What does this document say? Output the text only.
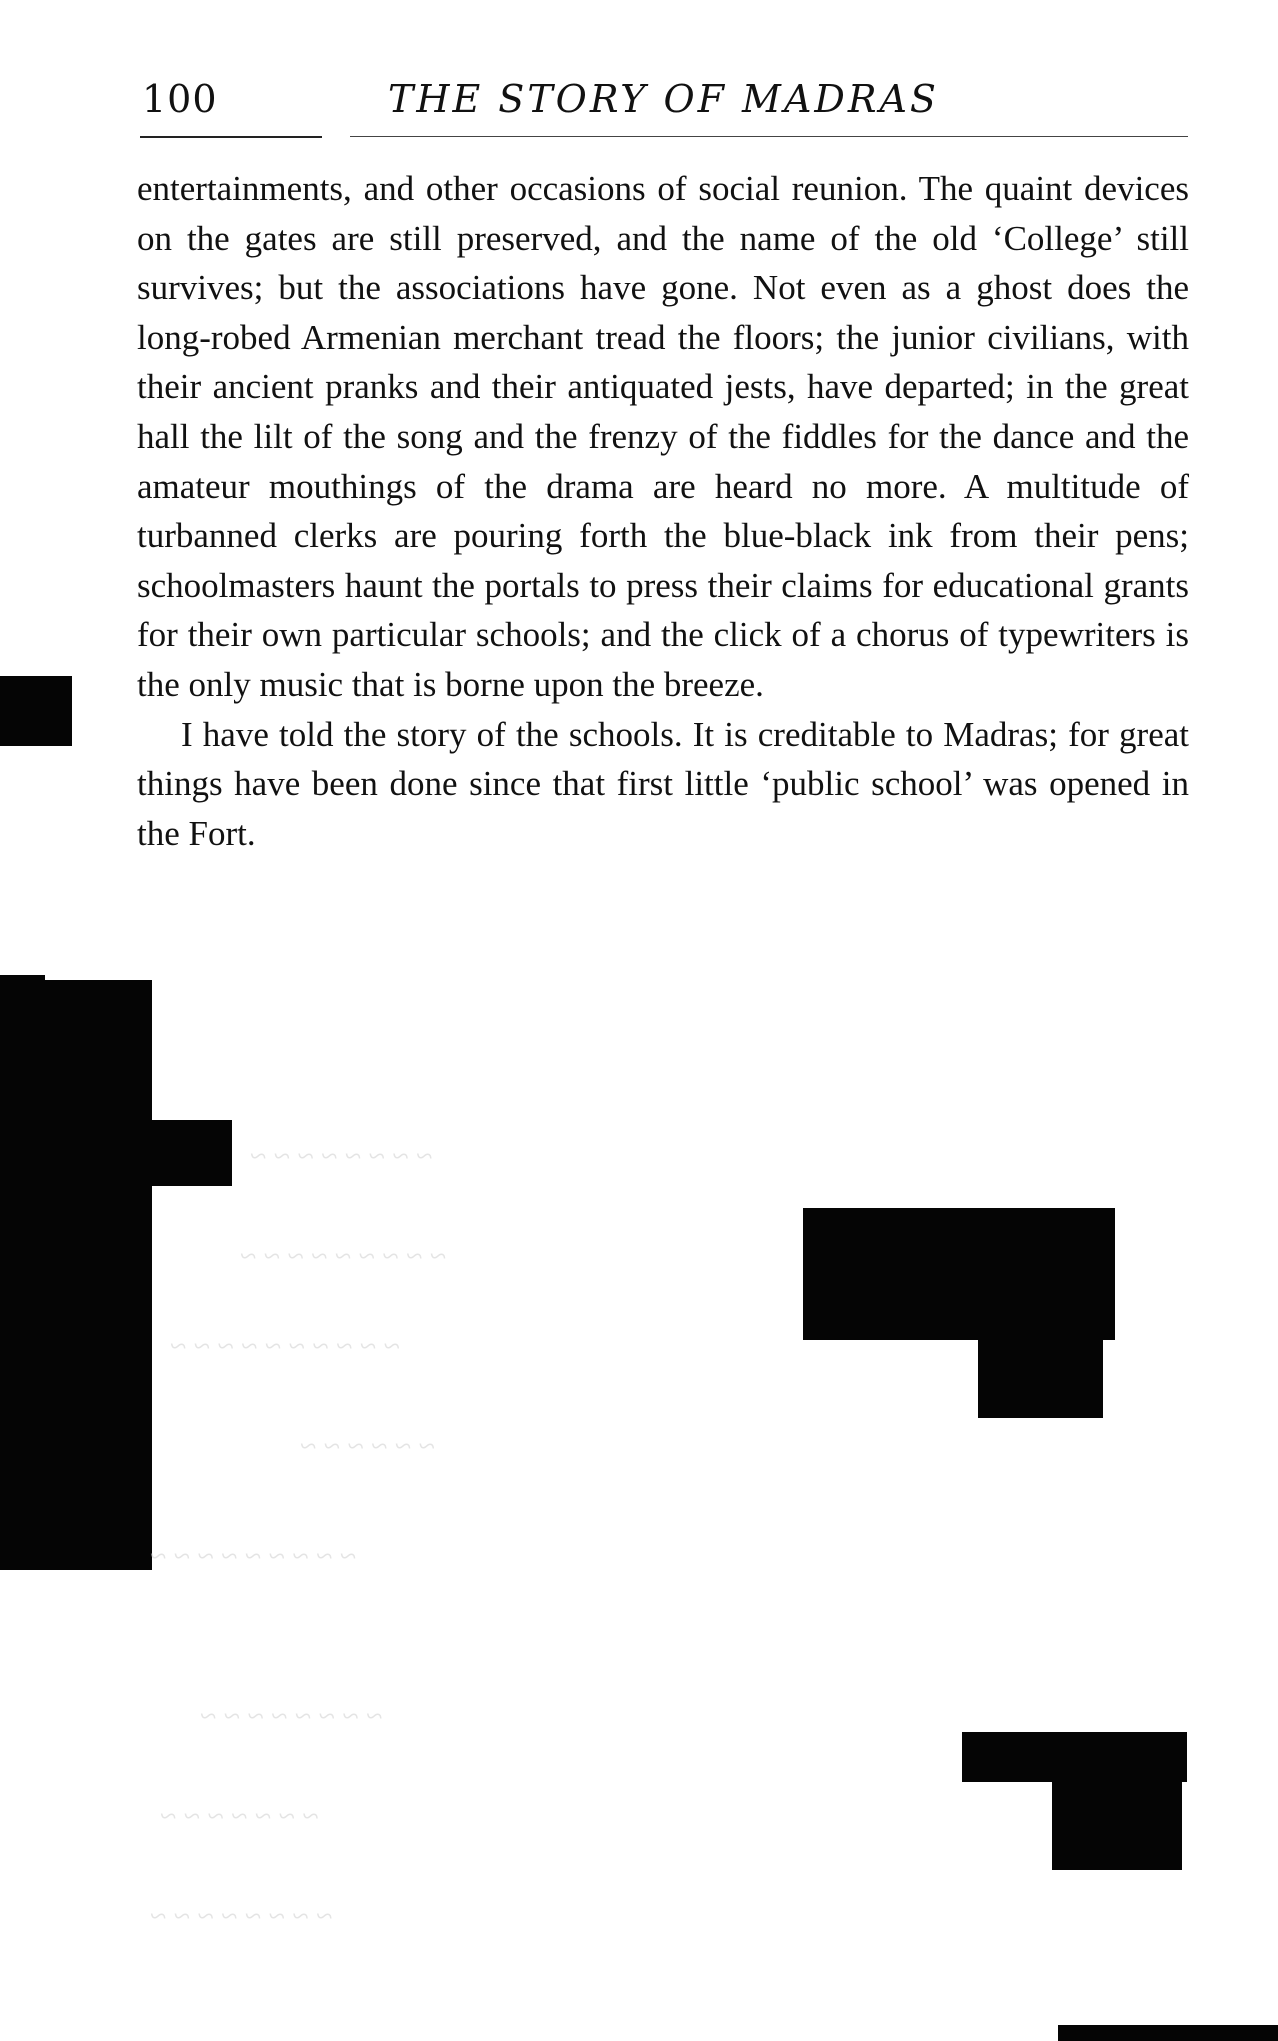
100	THE STORY OF MADRAS

entertainments, and other occasions of social reunion. The quaint devices on the gates are still preserved, and the name of the old ‘College’ still survives; but the associations have gone. Not even as a ghost does the long-robed Armenian merchant tread the floors; the junior civilians, with their ancient pranks and their antiquated jests, have departed; in the great hall the lilt of the song and the frenzy of the fiddles for the dance and the amateur mouthings of the drama are heard no more. A multitude of turbanned clerks are pouring forth the blue-black ink from their pens; schoolmasters haunt the portals to press their claims for educational grants for their own particular schools; and the click of a chorus of typewriters is the only music that is borne upon the breeze.

I have told the story of the schools. It is creditable to Madras; for great things have been done since that first little ‘public school’ was opened in the Fort.

~ ~ ~ ~ ~ ~ ~ ~
~ ~ ~ ~ ~ ~ ~ ~ ~
~ ~ ~ ~ ~ ~ ~ ~ ~ ~
~ ~ ~ ~ ~ ~
~ ~ ~ ~ ~ ~ ~ ~ ~
~ ~ ~ ~ ~ ~ ~ ~
~ ~ ~ ~ ~ ~ ~
~ ~ ~ ~ ~ ~ ~ ~
